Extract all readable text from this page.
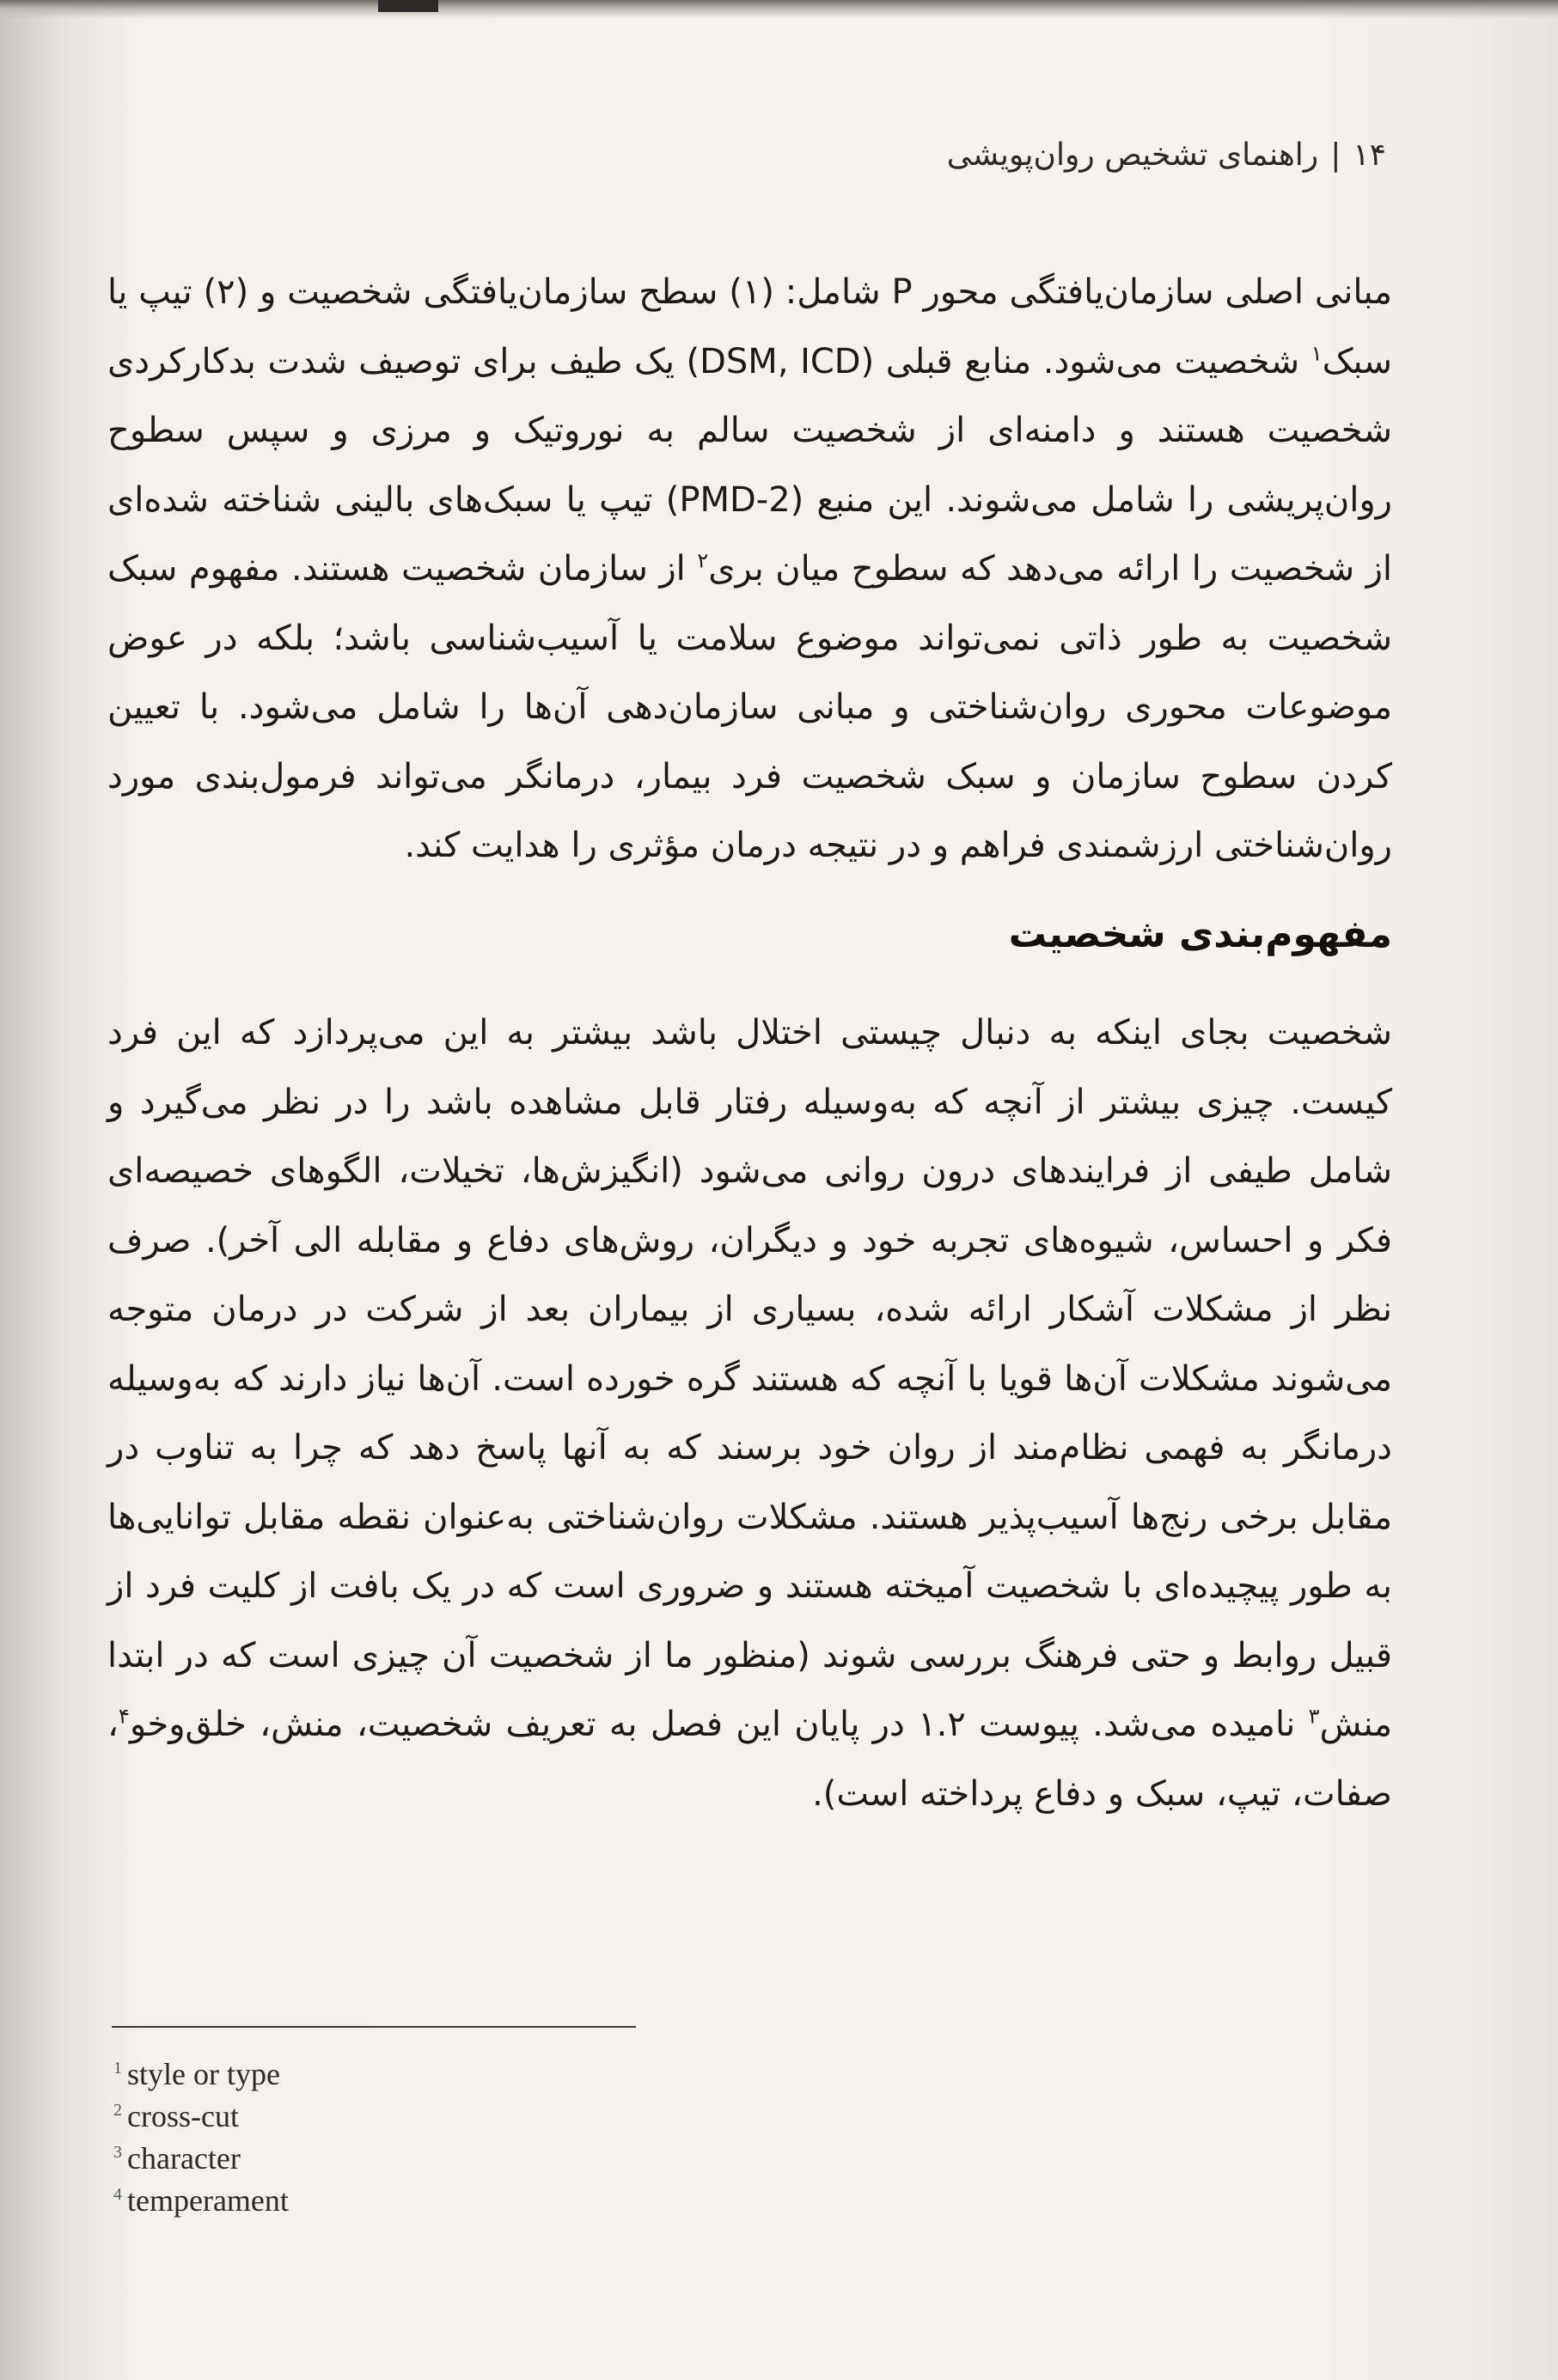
۱۴|راهنمای تشخیص روان‌پویشی

مبانی اصلی سازمان‌یافتگی محور P شامل: (۱) سطح سازمان‌یافتگی شخصیت و (۲) تیپ یا سبک$^۱$ شخصیت می‌شود. منابع قبلی (DSM, ICD) یک طیف برای توصیف شدت بدکارکردی شخصیت هستند و دامنه‌ای از شخصیت سالم به نوروتیک و مرزی و سپس سطوح روان‌پریشی را شامل می‌شوند. این منبع (PMD-2) تیپ یا سبک‌های بالینی شناخته شده‌ای از شخصیت را ارائه می‌دهد که سطوح میان بری$^۲$ از سازمان شخصیت هستند. مفهوم سبک شخصیت به طور ذاتی نمی‌تواند موضوع سلامت یا آسیب‌شناسی باشد؛ بلکه در عوض موضوعات محوری روان‌شناختی و مبانی سازمان‌دهی آن‌ها را شامل می‌شود. با تعیین کردن سطوح سازمان و سبک شخصیت فرد بیمار، درمانگر می‌تواند فرمول‌بندی مورد روان‌شناختی ارزشمندی فراهم و در نتیجه درمان مؤثری را هدایت کند.

مفهوم‌بندی شخصیت

شخصیت بجای اینکه به دنبال چیستی اختلال باشد بیشتر به این می‌پردازد که این فرد کیست. چیزی بیشتر از آنچه که به‌وسیله رفتار قابل مشاهده باشد را در نظر می‌گیرد و شامل طیفی از فرایندهای درون روانی می‌شود (انگیزش‌ها، تخیلات، الگوهای خصیصه‌ای فکر و احساس، شیوه‌های تجربه خود و دیگران، روش‌های دفاع و مقابله الی آخر). صرف نظر از مشکلات آشکار ارائه شده، بسیاری از بیماران بعد از شرکت در درمان متوجه می‌شوند مشکلات آن‌ها قویا با آنچه که هستند گره خورده است. آن‌ها نیاز دارند که به‌وسیله درمانگر به فهمی نظام‌مند از روان خود برسند که به آنها پاسخ دهد که چرا به تناوب در مقابل برخی رنج‌ها آسیب‌پذیر هستند. مشکلات روان‌شناختی به‌عنوان نقطه مقابل توانایی‌ها به طور پیچیده‌ای با شخصیت آمیخته هستند و ضروری است که در یک بافت از کلیت فرد از قبیل روابط و حتی فرهنگ بررسی شوند (منظور ما از شخصیت آن چیزی است که در ابتدا منش$^۳$ نامیده می‌شد. پیوست ۱.۲ در پایان این فصل به تعریف شخصیت، منش، خلق‌وخو$^۴$، صفات، تیپ، سبک و دفاع پرداخته است).

$^1$ style or type
$^2$ cross-cut
$^3$ character
$^4$ temperament
